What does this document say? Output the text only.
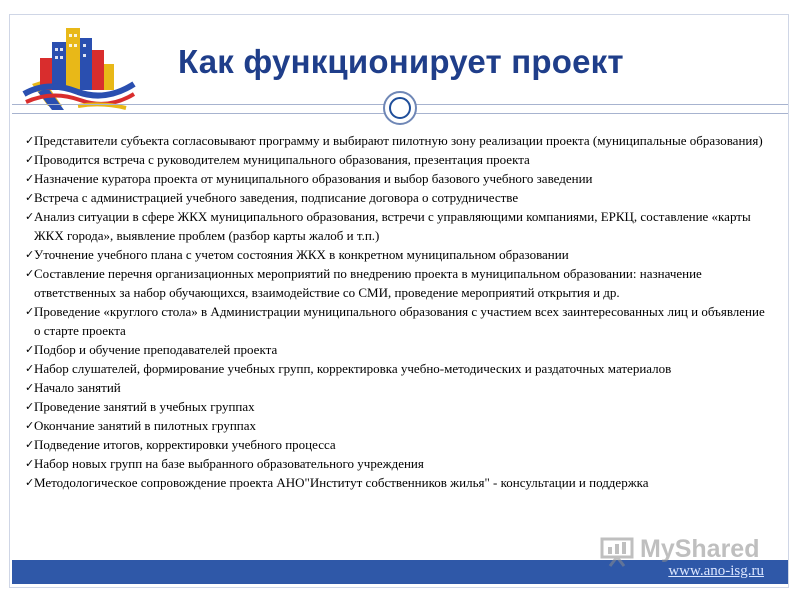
Как функционирует проект
✓ Представители субъекта согласовывают программу и выбирают пилотную зону реализации проекта (муниципальные образования)
✓ Проводится встреча с руководителем муниципального образования, презентация проекта
✓ Назначение куратора проекта от муниципального образования и выбор базового учебного заведении
✓ Встреча с администрацией учебного заведения, подписание договора о сотрудничестве
✓ Анализ ситуации в сфере ЖКХ муниципального образования, встречи с управляющими компаниями, ЕРКЦ, составление «карты ЖКХ города», выявление проблем (разбор карты жалоб и т.п.)
✓ Уточнение учебного плана с учетом состояния ЖКХ в конкретном муниципальном образовании
✓ Составление перечня организационных мероприятий по внедрению проекта в муниципальном образовании: назначение ответственных за набор обучающихся, взаимодействие со СМИ, проведение мероприятий открытия и др.
✓ Проведение «круглого стола» в Администрации муниципального образования с участием всех заинтересованных лиц и объявление о старте проекта
✓ Подбор и обучение преподавателей проекта
✓ Набор слушателей, формирование учебных групп, корректировка учебно-методических и раздаточных материалов
✓ Начало занятий
✓ Проведение занятий в учебных группах
✓ Окончание занятий в пилотных группах
✓ Подведение итогов, корректировки учебного процесса
✓ Набор новых групп на базе выбранного образовательного учреждения
✓ Методологическое сопровождение проекта АНО"Институт собственников жилья" - консультации и поддержка
MyShared
www.ano-isg.ru
